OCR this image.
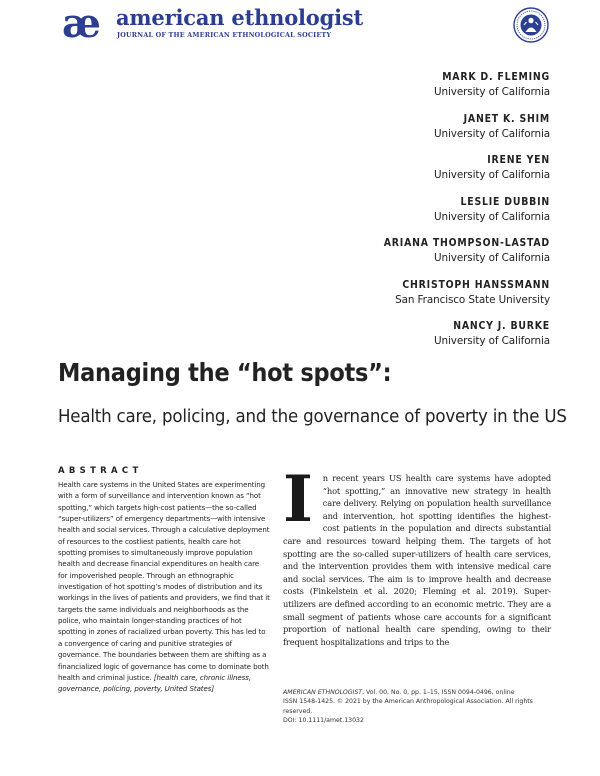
æ american ethnologist
JOURNAL OF THE AMERICAN ETHNOLOGICAL SOCIETY
MARK D. FLEMING
University of California
JANET K. SHIM
University of California
IRENE YEN
University of California
LESLIE DUBBIN
University of California
ARIANA THOMPSON-LASTAD
University of California
CHRISTOPH HANSSMANN
San Francisco State University
NANCY J. BURKE
University of California
Managing the “hot spots”:
Health care, policing, and the governance of poverty in the US
ABSTRACT
Health care systems in the United States are experimenting with a form of surveillance and intervention known as “hot spotting,” which targets high-cost patients—the so-called “super-utilizers” of emergency departments—with intensive health and social services. Through a calculative deployment of resources to the costliest patients, health care hot spotting promises to simultaneously improve population health and decrease financial expenditures on health care for impoverished people. Through an ethnographic investigation of hot spotting’s modes of distribution and its workings in the lives of patients and providers, we find that it targets the same individuals and neighborhoods as the police, who maintain longer-standing practices of hot spotting in zones of racialized urban poverty. This has led to a convergence of caring and punitive strategies of governance. The boundaries between them are shifting as a financialized logic of governance has come to dominate both health and criminal justice. [health care, chronic illness, governance, policing, poverty, United States]
I n recent years US health care systems have adopted “hot spotting,” an innovative new strategy in health care delivery. Relying on population health surveillance and intervention, hot spotting identifies the highest-cost patients in the population and directs substantial care and resources toward helping them. The targets of hot spotting are the so-called super-utilizers of health care services, and the intervention provides them with intensive medical care and social services. The aim is to improve health and decrease costs (Finkelstein et al. 2020; Fleming et al. 2019). Super-utilizers are defined according to an economic metric. They are a small segment of patients whose care accounts for a significant proportion of national health care spending, owing to their frequent hospitalizations and trips to the
AMERICAN ETHNOLOGIST, Vol. 00, No. 0, pp. 1–15, ISSN 0094-0496, online
ISSN 1548-1425. © 2021 by the American Anthropological Association. All rights reserved.
DOI: 10.1111/amet.13032
